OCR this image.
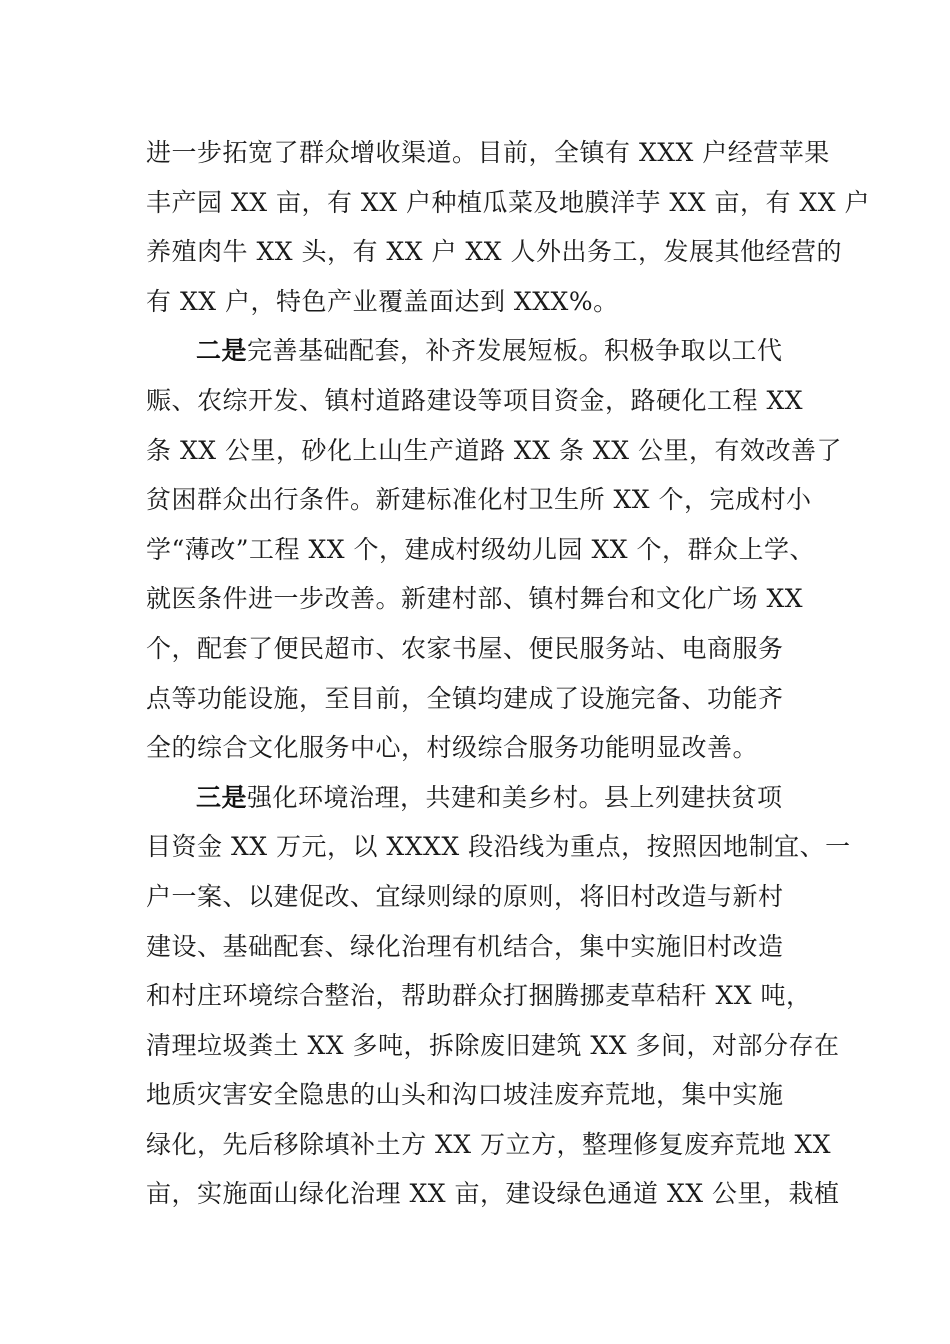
进一步拓宽了群众增收渠道。目前，全镇有 XXX 户经营苹果
丰产园 XX 亩，有 XX 户种植瓜菜及地膜洋芋 XX 亩，有 XX 户
养殖肉牛 XX 头，有 XX 户 XX 人外出务工，发展其他经营的
有 XX 户，特色产业覆盖面达到 XXX%。
二是完善基础配套，补齐发展短板。积极争取以工代
赈、农综开发、镇村道路建设等项目资金，路硬化工程 XX
条 XX 公里，砂化上山生产道路 XX 条 XX 公里，有效改善了
贫困群众出行条件。新建标准化村卫生所 XX 个，完成村小
学“薄改”工程 XX 个，建成村级幼儿园 XX 个，群众上学、
就医条件进一步改善。新建村部、镇村舞台和文化广场 XX
个，配套了便民超市、农家书屋、便民服务站、电商服务
点等功能设施，至目前，全镇均建成了设施完备、功能齐
全的综合文化服务中心，村级综合服务功能明显改善。
三是强化环境治理，共建和美乡村。县上列建扶贫项
目资金 XX 万元，以 XXXX 段沿线为重点，按照因地制宜、一
户一案、以建促改、宜绿则绿的原则，将旧村改造与新村
建设、基础配套、绿化治理有机结合，集中实施旧村改造
和村庄环境综合整治，帮助群众打捆腾挪麦草秸秆 XX 吨，
清理垃圾粪土 XX 多吨，拆除废旧建筑 XX 多间，对部分存在
地质灾害安全隐患的山头和沟口坡洼废弃荒地，集中实施
绿化，先后移除填补土方 XX 万立方，整理修复废弃荒地 XX
亩，实施面山绿化治理 XX 亩，建设绿色通道 XX 公里，栽植
